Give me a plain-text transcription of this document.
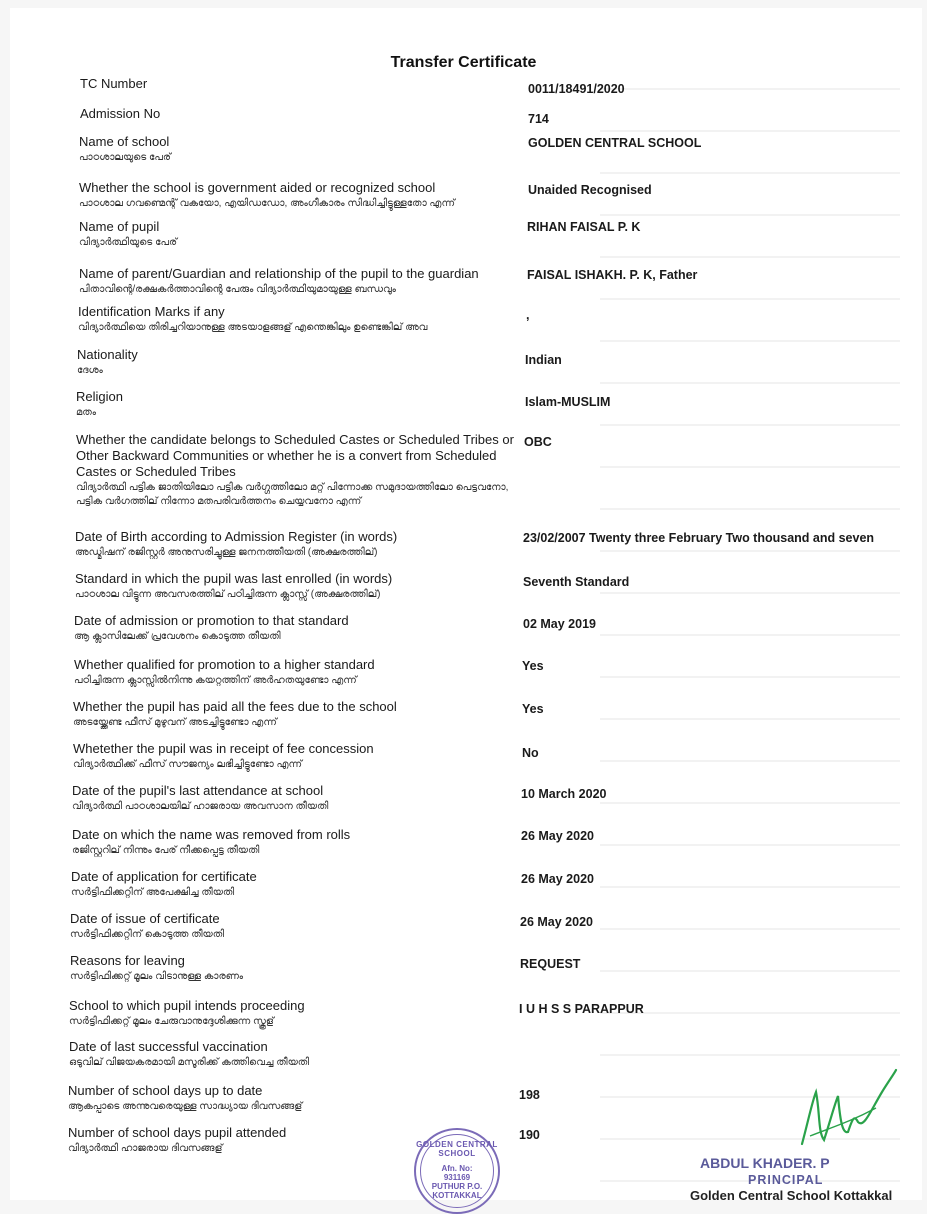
Transfer Certificate
TC Number	0011/18491/2020
Admission No	714
Name of school
പാഠശാലയുടെ പേര്
GOLDEN CENTRAL SCHOOL
Whether the school is government aided or recognized school
പാഠശാല ഗവണ്മെന്റ് വകയോ, എയിഡഡോ, അംഗീകാരം സിദ്ധിച്ചിട്ടുള്ളതോ എന്ന്
Unaided Recognised
Name of pupil
വിദ്യാർത്ഥിയുടെ പേര്
RIHAN FAISAL P. K
Name of parent/Guardian and relationship of the pupil to the guardian
പിതാവിന്റെ/രക്ഷകർത്താവിന്റെ പേരും വിദ്യാർത്ഥിയുമായുള്ള ബന്ധവും
FAISAL ISHAKH. P. K, Father
Identification Marks if any
വിദ്യാർത്ഥിയെ തിരിച്ചറിയാനുള്ള അടയാളങ്ങള് എന്തെങ്കിലും ഉണ്ടെങ്കില് അവ
,
Nationality
ദേശം
Indian
Religion
മതം
Islam-MUSLIM
Whether the candidate belongs to Scheduled Castes or Scheduled Tribes or Other Backward Communities or whether he is a convert from Scheduled Castes or Scheduled Tribes
വിദ്യാർത്ഥി പട്ടിക ജാതിയിലോ പട്ടിക വർഗ്ഗത്തിലോ മറ്റ് പിന്നോക്ക സമുദായത്തിലോ പെട്ടവനോ, പട്ടിക വർഗത്തില് നിന്നോ മതപരിവർത്തനം ചെയ്യവനോ എന്ന്
OBC
Date of Birth according to Admission Register (in words)
അഡ്മിഷന് രജിസ്റ്റർ അനുസരിച്ചുള്ള ജനനത്തീയതി (അക്ഷരത്തില്)
23/02/2007 Twenty three February Two thousand and seven
Standard in which the pupil was last enrolled (in words)
പാഠശാല വിട്ടുന്ന അവസരത്തില് പഠിച്ചിരുന്ന ക്ലാസ്സ് (അക്ഷരത്തില്)
Seventh Standard
Date of admission or promotion to that standard
ആ ക്ലാസിലേക്ക് പ്രവേശനം കൊടുത്ത തീയതി
02 May 2019
Whether qualified for promotion to a higher standard
പഠിച്ചിരുന്ന ക്ലാസ്സിൽനിന്നു കയറ്റത്തിന് അർഹതയുണ്ടോ എന്ന്
Yes
Whether the pupil has paid all the fees due to the school
അടയ്ക്കേണ്ട ഫീസ് മുഴുവന് അടച്ചിട്ടുണ്ടോ എന്ന്
Yes
Whetether the pupil was in receipt of fee concession
വിദ്യാർത്ഥിക്ക് ഫീസ് സൗജന്യം ലഭിച്ചിട്ടുണ്ടോ എന്ന്
No
Date of the pupil's last attendance at school
വിദ്യാർത്ഥി പാഠശാലയില് ഹാജരായ അവസാന തീയതി
10 March 2020
Date on which the name was removed from rolls
രജിസ്റ്ററില് നിന്നും പേര് നീക്കപ്പെട്ട തീയതി
26 May 2020
Date of application for certificate
സർട്ടിഫിക്കറ്റിന് അപേക്ഷിച്ച തീയതി
26 May 2020
Date of issue of certificate
സർട്ടിഫിക്കറ്റിന് കൊടുത്ത തീയതി
26 May 2020
Reasons for leaving
സർട്ടിഫിക്കറ്റ് മൂലം വിടാനുള്ള കാരണം
REQUEST
School to which pupil intends proceeding
സർട്ടിഫിക്കറ്റ് മൂലം ചേരുവാനുദ്ദേശിക്കുന്ന സ്കൂള്
I U H S S PARAPPUR
Date of last successful vaccination
ഒടുവില് വിജയകരമായി മസൂരിക്ക് കത്തിവെച്ച തീയതി
Number of school days up to date
ആകപ്പാടെ അന്നുവരെയുള്ള സാദ്ധ്യായ ദിവസങ്ങള്
198
Number of school days pupil attended
വിദ്യാർത്ഥി ഹാജരായ ദിവസങ്ങള്
190
GOLDEN CENTRAL SCHOOL
Afn. No:
931169
PUTHUR P.O.
KOTTAKKAL
ABDUL KHADER. P
PRINCIPAL
Golden Central School Kottakkal
